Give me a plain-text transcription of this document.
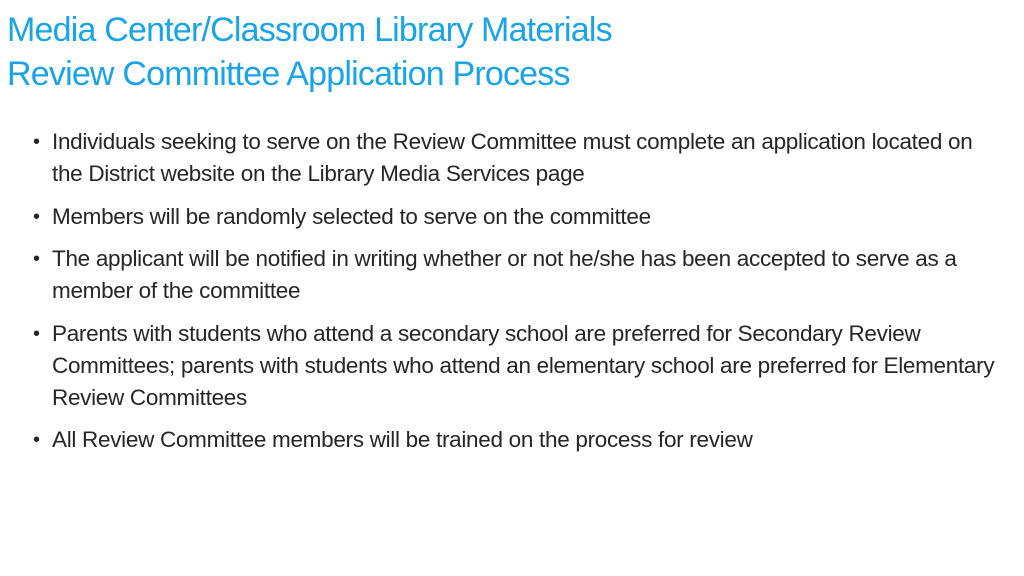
Media Center/Classroom Library Materials
Review Committee Application Process
• Individuals seeking to serve on the Review Committee must complete an application located on the District website on the Library Media Services page
• Members will be randomly selected to serve on the committee
• The applicant will be notified in writing whether or not he/she has been accepted to serve as a member of the committee
• Parents with students who attend a secondary school are preferred for Secondary Review Committees; parents with students who attend an elementary school are preferred for Elementary Review Committees
• All Review Committee members will be trained on the process for review
